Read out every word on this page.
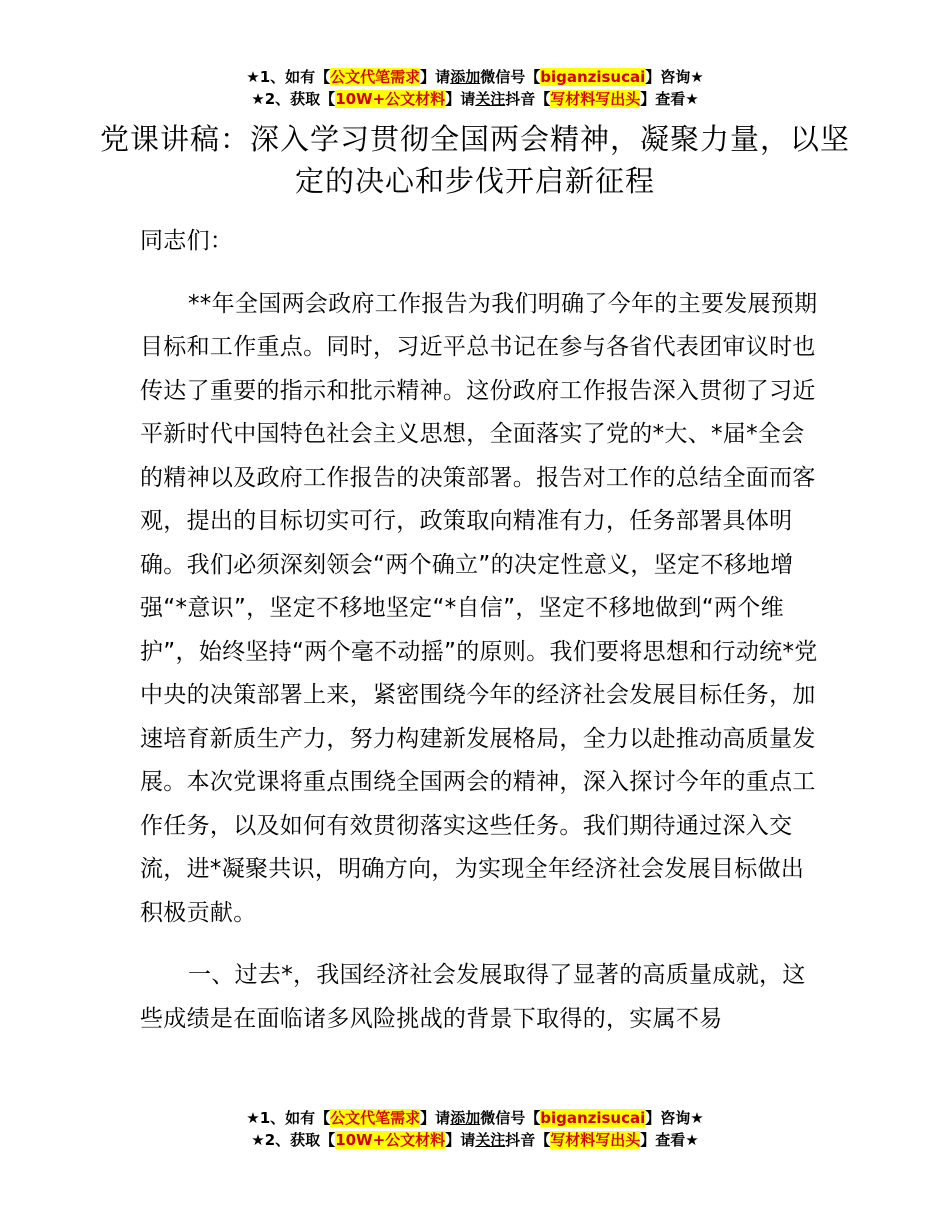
★1、如有【公文代笔需求】请添加微信号【biganzisucai】咨询★
★2、获取【10W+公文材料】请关注抖音【写材料写出头】查看★
党课讲稿：深入学习贯彻全国两会精神，凝聚力量，以坚定的决心和步伐开启新征程

同志们：

**年全国两会政府工作报告为我们明确了今年的主要发展预期目标和工作重点。同时，习近平总书记在参与各省代表团审议时也传达了重要的指示和批示精神。这份政府工作报告深入贯彻了习近平新时代中国特色社会主义思想，全面落实了党的*大、*届*全会的精神以及政府工作报告的决策部署。报告对工作的总结全面而客观，提出的目标切实可行，政策取向精准有力，任务部署具体明确。我们必须深刻领会“两个确立”的决定性意义，坚定不移地增强“*意识”，坚定不移地坚定“*自信”，坚定不移地做到“两个维护”，始终坚持“两个毫不动摇”的原则。我们要将思想和行动统*党中央的决策部署上来，紧密围绕今年的经济社会发展目标任务，加速培育新质生产力，努力构建新发展格局，全力以赴推动高质量发展。本次党课将重点围绕全国两会的精神，深入探讨今年的重点工作任务，以及如何有效贯彻落实这些任务。我们期待通过深入交流，进*凝聚共识，明确方向，为实现全年经济社会发展目标做出积极贡献。

一、过去*，我国经济社会发展取得了显著的高质量成就，这些成绩是在面临诸多风险挑战的背景下取得的，实属不易

★1、如有【公文代笔需求】请添加微信号【biganzisucai】咨询★
★2、获取【10W+公文材料】请关注抖音【写材料写出头】查看★
